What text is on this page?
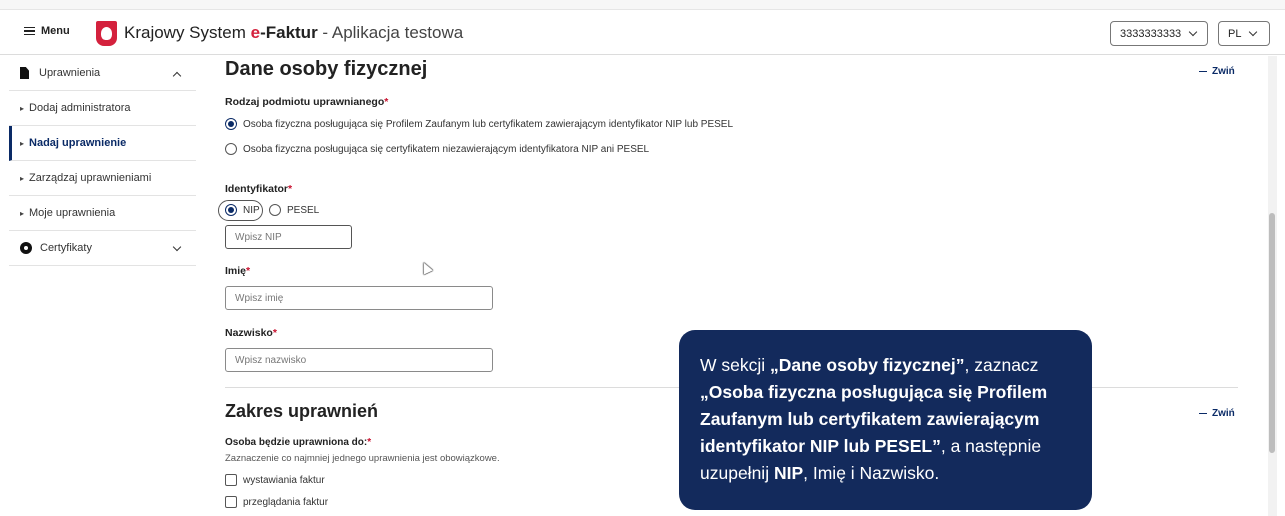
Menu	Krajowy System e-Faktur - Aplikacja testowa	3333333333	PL
Uprawnienia
▸ Dodaj administratora
▸ Nadaj uprawnienie
▸ Zarządzaj uprawnieniami
▸ Moje uprawnienia
Certyfikaty
Dane osoby fizycznej	Zwiń
Rodzaj podmiotu uprawnianego*
Osoba fizyczna posługująca się Profilem Zaufanym lub certyfikatem zawierającym identyfikator NIP lub PESEL
Osoba fizyczna posługująca się certyfikatem niezawierającym identyfikatora NIP ani PESEL
Identyfikator*
NIP	PESEL
Wpisz NIP
Imię*
Wpisz imię
Nazwisko*
Wpisz nazwisko
Zakres uprawnień	Zwiń
Osoba będzie uprawniona do:*
Zaznaczenie co najmniej jednego uprawnienia jest obowiązkowe.
wystawiania faktur
przeglądania faktur
W sekcji „Dane osoby fizycznej”, zaznacz „Osoba fizyczna posługująca się Profilem Zaufanym lub certyfikatem zawierającym identyfikator NIP lub PESEL”, a następnie uzupełnij NIP, Imię i Nazwisko.
